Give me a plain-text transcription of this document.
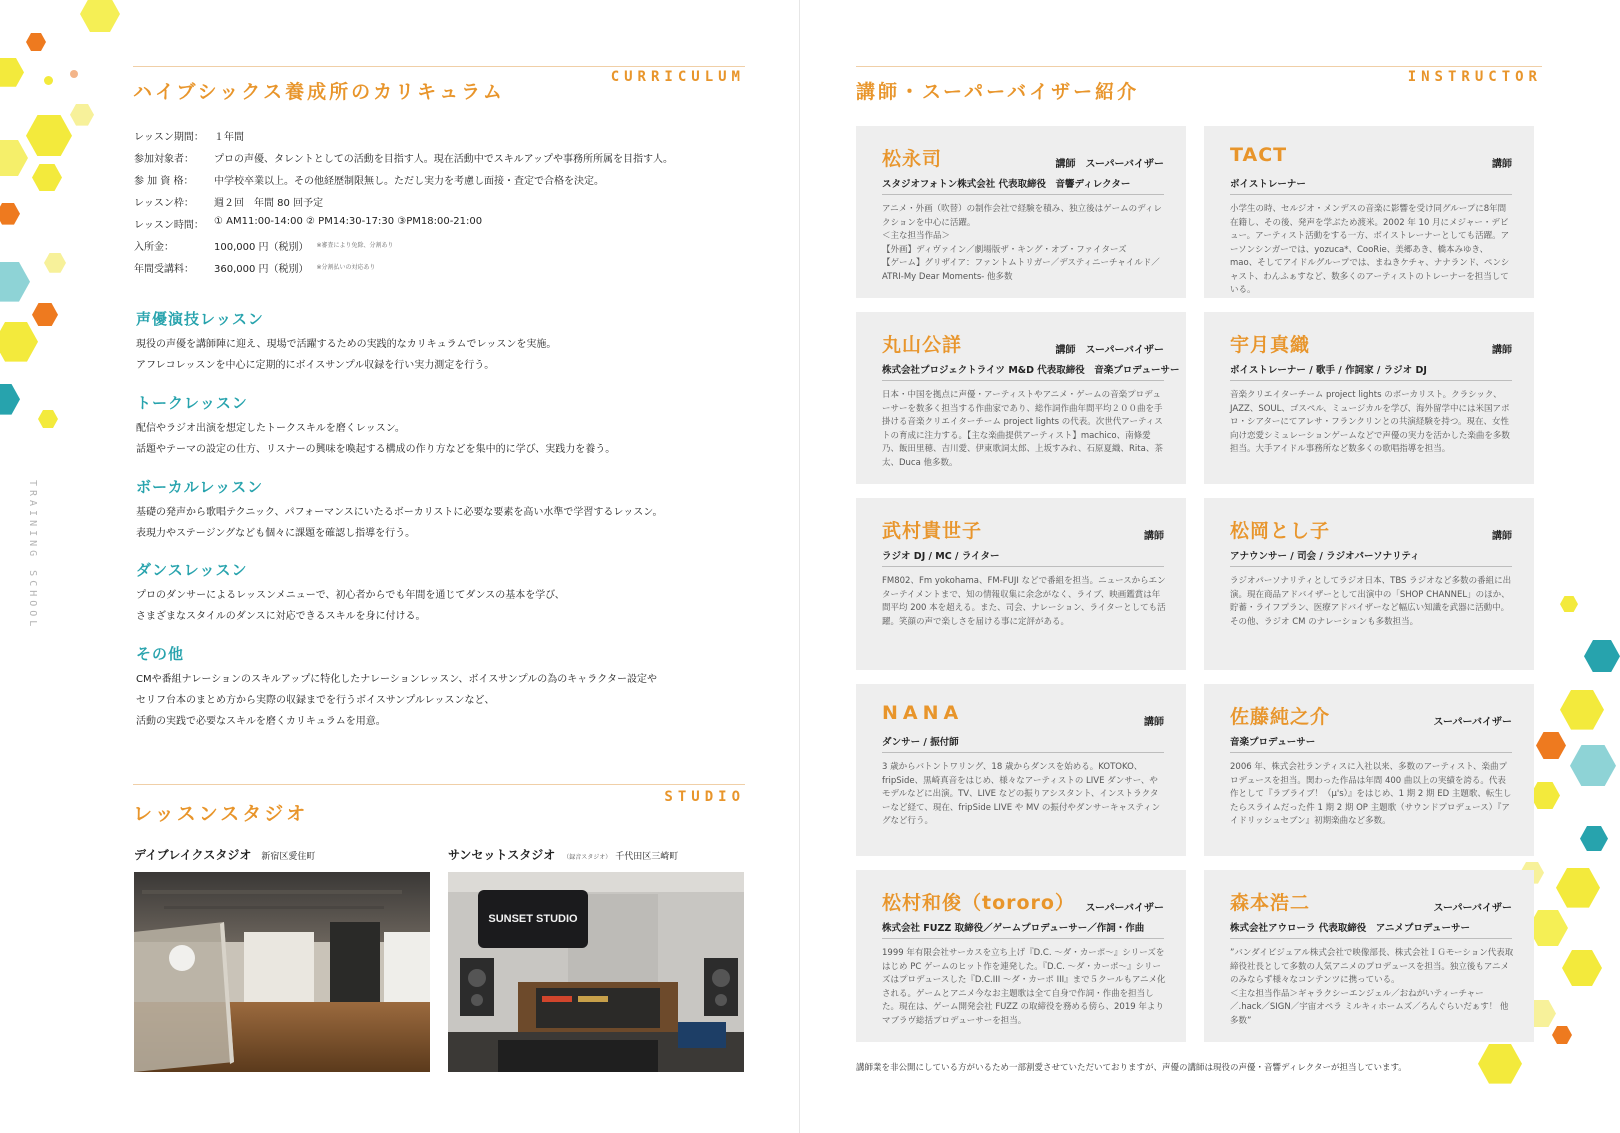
TRAINING SCHOOL
CURRICULUM
ハイブシックス養成所のカリキュラム
レッスン期間：	１年間
参加対象者：	プロの声優、タレントとしての活動を目指す人。現在活動中でスキルアップや事務所所属を目指す人。
参 加 資 格：	中学校卒業以上。その他経歴制限無し。ただし実力を考慮し面接・査定で合格を決定。
レッスン枠：	週２回　年間 80 回予定
レッスン時間：	① AM11:00-14:00 ② PM14:30-17:30 ③PM18:00-21:00
入所金：	100,000 円（税別） ※審査により免除、分割あり
年間受講料：	360,000 円（税別） ※分割払いの対応あり
声優演技レッスン
現役の声優を講師陣に迎え、現場で活躍するための実践的なカリキュラムでレッスンを実施。
アフレコレッスンを中心に定期的にボイスサンプル収録を行い実力測定を行う。
トークレッスン
配信やラジオ出演を想定したトークスキルを磨くレッスン。
話題やテーマの設定の仕方、リスナーの興味を喚起する構成の作り方などを集中的に学び、実践力を養う。
ボーカルレッスン
基礎の発声から歌唱テクニック、パフォーマンスにいたるボーカリストに必要な要素を高い水準で学習するレッスン。
表現力やステージングなども個々に課題を確認し指導を行う。
ダンスレッスン
プロのダンサーによるレッスンメニューで、初心者からでも年間を通じてダンスの基本を学び、
さまざまなスタイルのダンスに対応できるスキルを身に付ける。
その他
CMや番組ナレーションのスキルアップに特化したナレーションレッスン、ボイスサンプルの為のキャラクター設定や
セリフ台本のまとめ方から実際の収録までを行うボイスサンプルレッスンなど、
活動の実践で必要なスキルを磨くカリキュラムを用意。
STUDIO
レッスンスタジオ
デイブレイクスタジオ 新宿区愛住町	サンセットスタジオ （録音スタジオ） 千代田区三崎町
SUNSET STUDIO
INSTRUCTOR
講師・スーパーバイザー紹介
松永司	講師　スーパーバイザー
スタジオフォトン株式会社 代表取締役　音響ディレクター
アニメ・外画（吹替）の制作会社で経験を積み、独立後はゲームのディレクションを中心に活躍。
＜主な担当作品＞
【外画】ディヴァイン／劇場版ザ・キング・オブ・ファイターズ
【ゲーム】グリザイア：ファントムトリガー／デスティニーチャイルド／ATRI-My Dear Moments- 他多数
TACT	講師
ボイストレーナー
小学生の時、セルジオ・メンデスの音楽に影響を受け同グループに8年間在籍し、その後、発声を学ぶため渡米。2002 年 10 月にメジャー・デビュー。アーティスト活動をする一方、ボイストレーナーとしても活躍。アーソンシンガーでは、yozuca*、CooRie、美郷あき、橋本みゆき、mao、そしてアイドルグループでは、まねきケチャ、ナナランド、ペンシャスト、わんふぁすなど、数多くのアーティストのトレーナーを担当している。
丸山公詳	講師　スーパーバイザー
株式会社プロジェクトライツ M&D 代表取締役　音楽プロデューサー
日本・中国を拠点に声優・アーティストやアニメ・ゲームの音楽プロデューサーを数多く担当する作曲家であり、総作詞作曲年間平均２００曲を手掛ける音楽クリエイターチーム project lights の代表。次世代アーティストの育成に注力する。【主な楽曲提供アーティスト】machico、南條愛乃、飯田里穂、吉川愛、伊東歌詞太郎、上坂すみれ、石原夏織、Rita、茶太、Duca 他多数。
宇月真織	講師
ボイストレーナー / 歌手 / 作詞家 / ラジオ DJ
音楽クリエイターチーム project lights のボーカリスト。クラシック、JAZZ、SOUL、ゴスペル、ミュージカルを学び、海外留学中には米国アポロ・シアターにてアレサ・フランクリンとの共演経験を持つ。現在、女性向け恋愛シミュレーションゲームなどで声優の実力を活かした楽曲を多数担当。大手アイドル事務所など数多くの歌唱指導を担当。
武村貴世子	講師
ラジオ DJ / MC / ライター
FM802、Fm yokohama、FM-FUJI などで番組を担当。ニュースからエンターテイメントまで、知の情報収集に余念がなく、ライブ、映画鑑賞は年間平均 200 本を超える。また、司会、ナレーション、ライターとしても活躍。笑顔の声で楽しさを届ける事に定評がある。
松岡とし子	講師
アナウンサー / 司会 / ラジオパーソナリティ
ラジオパーソナリティとしてラジオ日本、TBS ラジオなど多数の番組に出演。現在商品アドバイザーとして出演中の「SHOP CHANNEL」のほか、貯蓄・ライフプラン、医療アドバイザーなど幅広い知識を武器に活動中。その他、ラジオ CM のナレーションも多数担当。
NANA	講師
ダンサー / 振付師
3 歳からバトントワリング、18 歳からダンスを始める。KOTOKO、fripSide、黒崎真音をはじめ、様々なアーティストの LIVE ダンサー、やモデルなどに出演。TV、LIVE などの振りアシスタント、インストラクターなど経て、現在、fripSide LIVE や MV の振付やダンサーキャスティングなど行う。
佐藤純之介	スーパーバイザー
音楽プロデューサー
2006 年、株式会社ランティスに入社以来、多数のアーティスト、楽曲プロデュースを担当。関わった作品は年間 400 曲以上の実績を誇る。代表作として『ラブライブ！（μ's）』をはじめ、1 期 2 期 ED 主題歌、転生したらスライムだった件 1 期 2 期 OP 主題歌（サウンドプロデュース）『アイドリッシュセブン』初期楽曲など多数。
松村和俊（tororo） スーパーバイザー
株式会社 FUZZ 取締役／ゲームプロデューサー／作詞・作曲
1999 年有限会社サーカスを立ち上げ『D.C. 〜ダ・カーポ〜』シリーズをはじめ PC ゲームのヒット作を連発した。『D.C. 〜ダ・カーポ〜』シリーズはプロデュースした『D.C.III 〜ダ・カーポ III』まで５クールもアニメ化される。ゲームとアニメ今なお主題歌は全て自身で作詞・作曲を担当した。現在は、ゲーム開発会社 FUZZ の取締役を務める傍ら、2019 年よりマブラヴ総括プロデューサーを担当。
森本浩二	スーパーバイザー
株式会社アウローラ 代表取締役　アニメプロデューサー
”バンダイビジュアル株式会社で映像部長、株式会社ＩＧモーション代表取締役社長として多数の人気アニメのプロデュースを担当。独立後もアニメのみならず様々なコンテンツに携っている。
＜主な担当作品＞ギャラクシーエンジェル／おねがいティーチャー／.hack／SIGN／宇宙オペラ ミルキィホームズ／ろんぐらいだぁす！ 他多数”
講師業を非公開にしている方がいるため一部割愛させていただいておりますが、声優の講師は現役の声優・音響ディレクターが担当しています。
